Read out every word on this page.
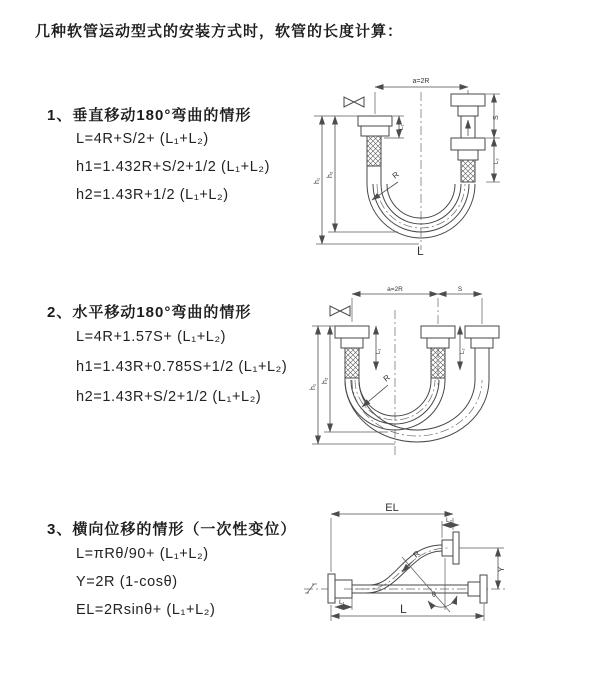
几种软管运动型式的安装方式时，软管的长度计算：
1、垂直移动180°弯曲的情形
L=4R+S/2+ (L₁+L₂)
h1=1.432R+S/2+1/2 (L₁+L₂)
h2=1.43R+1/2 (L₁+L₂)
2、水平移动180°弯曲的情形
L=4R+1.57S+ (L₁+L₂)
h1=1.43R+0.785S+1/2 (L₁+L₂)
h2=1.43R+S/2+1/2 (L₁+L₂)
3、横向位移的情形（一次性变位）
L=πRθ/90+ (L₁+L₂)
Y=2R (1-cosθ)
EL=2Rsinθ+ (L₁+L₂)
a=2R
L₁
S
L₂
h₁
h₂	R
L
a=2R	S
L₁	L₂
h₁
h₂	R
EL
L₂
θ
R
Y
L₁	L
